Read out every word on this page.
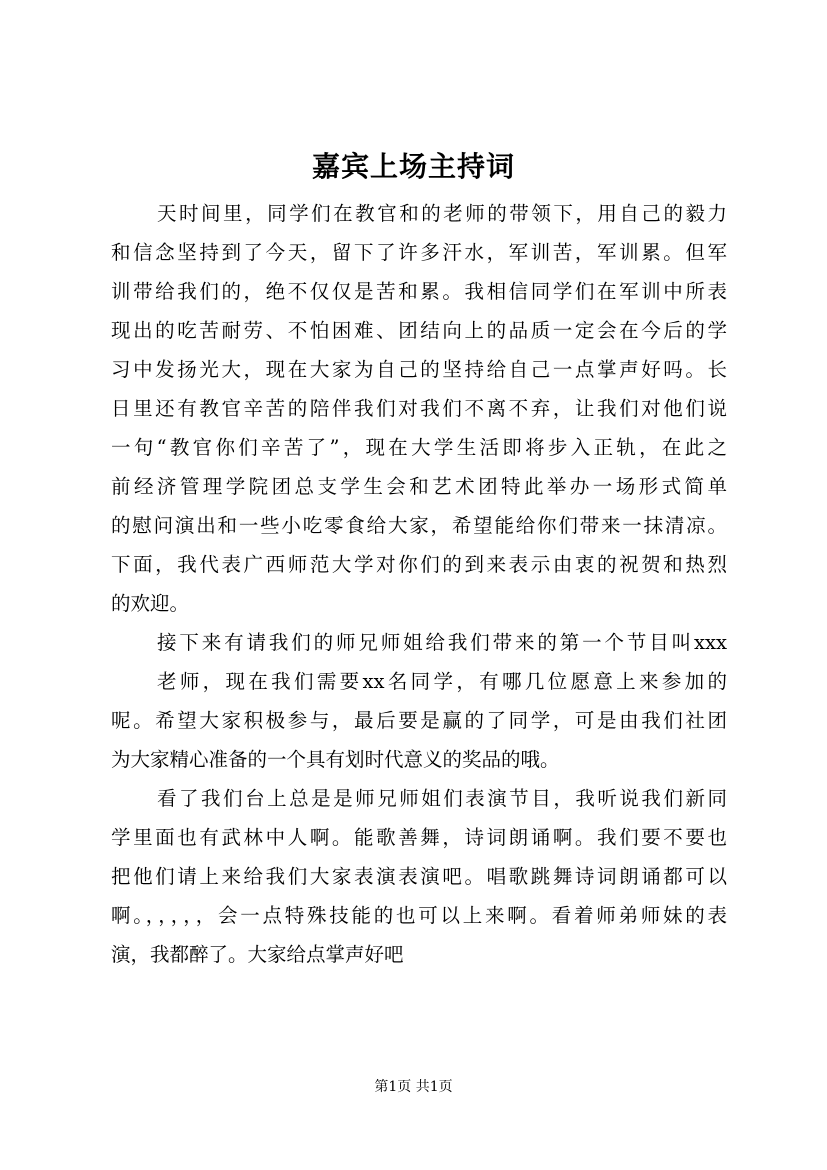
嘉宾上场主持词
天时间里，同学们在教官和的老师的带领下，用自己的毅力
和信念坚持到了今天，留下了许多汗水，军训苦，军训累。但军
训带给我们的，绝不仅仅是苦和累。我相信同学们在军训中所表
现出的吃苦耐劳、不怕困难、团结向上的品质一定会在今后的学
习中发扬光大，现在大家为自己的坚持给自己一点掌声好吗。长
日里还有教官辛苦的陪伴我们对我们不离不弃，让我们对他们说
一句“教官你们辛苦了”，现在大学生活即将步入正轨，在此之
前经济管理学院团总支学生会和艺术团特此举办一场形式简单
的慰问演出和一些小吃零食给大家，希望能给你们带来一抹清凉。
下面，我代表广西师范大学对你们的到来表示由衷的祝贺和热烈
的欢迎。
接下来有请我们的师兄师姐给我们带来的第一个节目叫xxx
老师，现在我们需要xx名同学，有哪几位愿意上来参加的
呢。希望大家积极参与，最后要是赢的了同学，可是由我们社团
为大家精心准备的一个具有划时代意义的奖品的哦。
看了我们台上总是是师兄师姐们表演节目，我听说我们新同
学里面也有武林中人啊。能歌善舞，诗词朗诵啊。我们要不要也
把他们请上来给我们大家表演表演吧。唱歌跳舞诗词朗诵都可以
啊。，，，，，会一点特殊技能的也可以上来啊。看着师弟师妹的表
演，我都醉了。大家给点掌声好吧
第1页 共1页
